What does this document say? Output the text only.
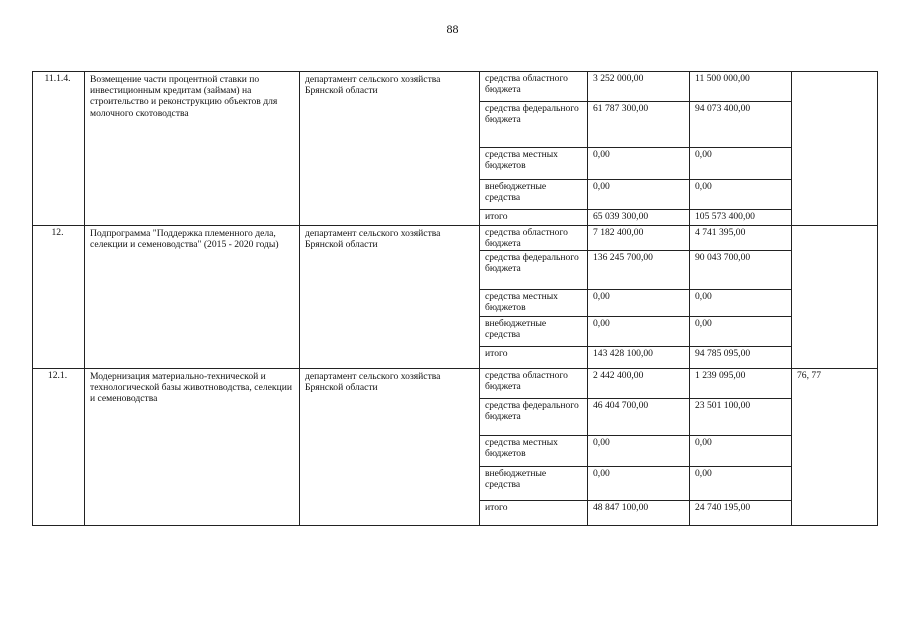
88
11.1.4.	Возмещение части процентной ставки по инвестиционным кредитам (займам) на строительство и реконструкцию объектов для молочного скотоводства	департамент сельского хозяйства Брянской области	средства областного бюджета	3 252 000,00	11 500 000,00	
			средства федерального бюджета	61 787 300,00	94 073 400,00	
			средства местных бюджетов	0,00	0,00	
			внебюджетные средства	0,00	0,00	
			итого	65 039 300,00	105 573 400,00	
12.	Подпрограмма "Поддержка племенного дела, селекции и семеноводства" (2015 - 2020 годы)	департамент сельского хозяйства Брянской области	средства областного бюджета	7 182 400,00	4 741 395,00	
			средства федерального бюджета	136 245 700,00	90 043 700,00	
			средства местных бюджетов	0,00	0,00	
			внебюджетные средства	0,00	0,00	
			итого	143 428 100,00	94 785 095,00	
12.1.	Модернизация материально-технической и технологической базы животноводства, селекции и семеноводства	департамент сельского хозяйства Брянской области	средства областного бюджета	2 442 400,00	1 239 095,00	76, 77
			средства федерального бюджета	46 404 700,00	23 501 100,00	
			средства местных бюджетов	0,00	0,00	
			внебюджетные средства	0,00	0,00	
			итого	48 847 100,00	24 740 195,00	
